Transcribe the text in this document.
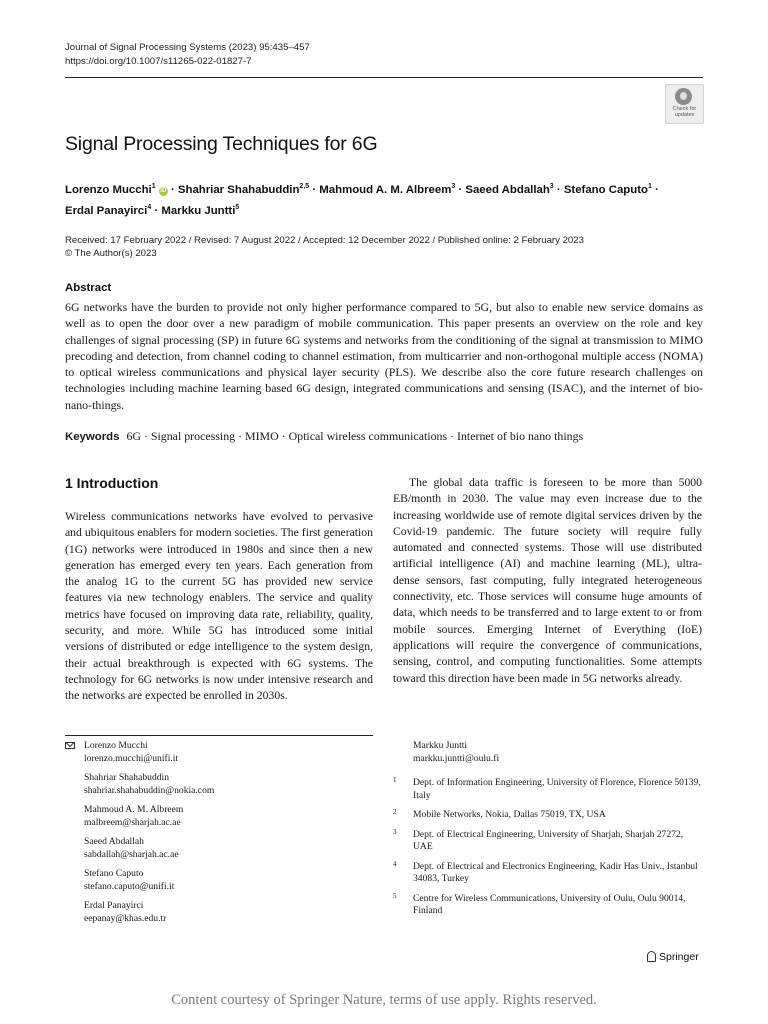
Journal of Signal Processing Systems (2023) 95:435–457
https://doi.org/10.1007/s11265-022-01827-7
Check for
updates
Signal Processing Techniques for 6G
Lorenzo Mucchi$^1$ iD · Shahriar Shahabuddin$^{2,5}$ · Mahmoud A. M. Albreem$^3$ · Saeed Abdallah$^3$ · Stefano Caputo$^1$ ·
Erdal Panayirci$^4$ · Markku Juntti$^5$
Received: 17 February 2022 / Revised: 7 August 2022 / Accepted: 12 December 2022 / Published online: 2 February 2023
© The Author(s) 2023
Abstract
6G networks have the burden to provide not only higher performance compared to 5G, but also to enable new service domains as well as to open the door over a new paradigm of mobile communication. This paper presents an overview on the role and key challenges of signal processing (SP) in future 6G systems and networks from the conditioning of the signal at transmission to MIMO precoding and detection, from channel coding to channel estimation, from multicarrier and non-orthogonal multiple access (NOMA) to optical wireless communications and physical layer security (PLS). We describe also the core future research challenges on technologies including machine learning based 6G design, integrated communications and sensing (ISAC), and the internet of bio-nano-things.
Keywords 6G · Signal processing · MIMO · Optical wireless communications · Internet of bio nano things
1 Introduction

Wireless communications networks have evolved to pervasive and ubiquitous enablers for modern societies. The first generation (1G) networks were introduced in 1980s and since then a new generation has emerged every ten years. Each generation from the analog 1G to the current 5G has provided new service features via new technology enablers. The service and quality metrics have focused on improving data rate, reliability, quality, security, and more. While 5G has introduced some initial versions of distributed or edge intelligence to the system design, their actual breakthrough is expected with 6G systems. The technology for 6G networks is now under intensive research and the networks are expected be enrolled in 2030s.

The global data traffic is foreseen to be more than 5000 EB/month in 2030. The value may even increase due to the increasing worldwide use of remote digital services driven by the Covid-19 pandemic. The future society will require fully automated and connected systems. Those will use distributed artificial intelligence (AI) and machine learning (ML), ultra-dense sensors, fast computing, fully integrated heterogeneous connectivity, etc. Those services will consume huge amounts of data, which needs to be transferred and to large extent to or from mobile sources. Emerging Internet of Everything (IoE) applications will require the convergence of communications, sensing, control, and computing functionalities. Some attempts toward this direction have been made in 5G networks already.

Lorenzo Mucchi
lorenzo.mucchi@unifi.it
Shahriar Shahabuddin
shahriar.shahabuddin@nokia.com
Mahmoud A. M. Albreem
malbreem@sharjah.ac.ae
Saeed Abdallah
sabdallah@sharjah.ac.ae
Stefano Caputo
stefano.caputo@unifi.it
Erdal Panayirci
eepanay@khas.edu.tr
Markku Juntti
markku.juntti@oulu.fi
1 Dept. of Information Engineering, University of Florence, Florence 50139, Italy
2 Mobile Networks, Nokia, Dallas 75019, TX, USA
3 Dept. of Electrical Engineering, University of Sharjah, Sharjah 27272, UAE
4 Dept. of Electrical and Electronics Engineering, Kadir Has Univ., Istanbul 34083, Turkey
5 Centre for Wireless Communications, University of Oulu, Oulu 90014, Finland
Springer
Content courtesy of Springer Nature, terms of use apply. Rights reserved.
